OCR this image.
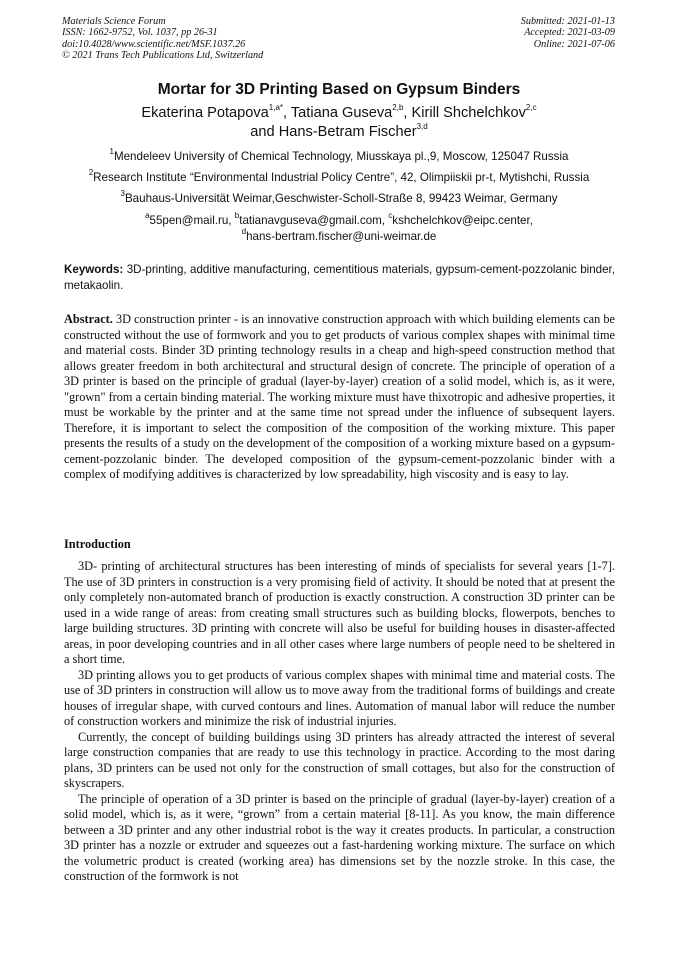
Materials Science Forum
ISSN: 1662-9752, Vol. 1037, pp 26-31
doi:10.4028/www.scientific.net/MSF.1037.26
© 2021 Trans Tech Publications Ltd, Switzerland
Submitted: 2021-01-13
Accepted: 2021-03-09
Online: 2021-07-06
Mortar for 3D Printing Based on Gypsum Binders
Ekaterina Potapova$^{1,a*}$, Tatiana Guseva$^{2,b}$, Kirill Shchelchkov$^{2,c}$
and Hans-Betram Fischer$^{3,d}$
$^1$Mendeleev University of Chemical Technology, Miusskaya pl.,9, Moscow, 125047 Russia
$^2$Research Institute “Environmental Industrial Policy Centre”, 42, Olimpiiskii pr-t, Mytishchi, Russia
$^3$Bauhaus-Universität Weimar,Geschwister-Scholl-Straße 8, 99423 Weimar, Germany
$^a$55pen@mail.ru, $^b$tatianavguseva@gmail.com, $^c$kshchelchkov@eipc.center,
$^d$hans-bertram.fischer@uni-weimar.de
Keywords: 3D-printing, additive manufacturing, cementitious materials, gypsum-cement-pozzolanic binder, metakaolin.
Abstract. 3D construction printer - is an innovative construction approach with which building elements can be constructed without the use of formwork and you to get products of various complex shapes with minimal time and material costs. Binder 3D printing technology results in a cheap and high-speed construction method that allows greater freedom in both architectural and structural design of concrete. The principle of operation of a 3D printer is based on the principle of gradual (layer-by-layer) creation of a solid model, which is, as it were, "grown" from a certain binding material. The working mixture must have thixotropic and adhesive properties, it must be workable by the printer and at the same time not spread under the influence of subsequent layers. Therefore, it is important to select the composition of the composition of the working mixture. This paper presents the results of a study on the development of the composition of a working mixture based on a gypsum-cement-pozzolanic binder. The developed composition of the gypsum-cement-pozzolanic binder with a complex of modifying additives is characterized by low spreadability, high viscosity and is easy to lay.
Introduction

3D- printing of architectural structures has been interesting of minds of specialists for several years [1-7]. The use of 3D printers in construction is a very promising field of activity. It should be noted that at present the only completely non-automated branch of production is exactly construction. A construction 3D printer can be used in a wide range of areas: from creating small structures such as building blocks, flowerpots, benches to large building structures. 3D printing with concrete will also be useful for building houses in disaster-affected areas, in poor developing countries and in all other cases where large numbers of people need to be sheltered in a short time.

3D printing allows you to get products of various complex shapes with minimal time and material costs. The use of 3D printers in construction will allow us to move away from the traditional forms of buildings and create houses of irregular shape, with curved contours and lines. Automation of manual labor will reduce the number of construction workers and minimize the risk of industrial injuries.

Currently, the concept of building buildings using 3D printers has already attracted the interest of several large construction companies that are ready to use this technology in practice. According to the most daring plans, 3D printers can be used not only for the construction of small cottages, but also for the construction of skyscrapers.

The principle of operation of a 3D printer is based on the principle of gradual (layer-by-layer) creation of a solid model, which is, as it were, “grown” from a certain material [8-11]. As you know, the main difference between a 3D printer and any other industrial robot is the way it creates products. In particular, a construction 3D printer has a nozzle or extruder and squeezes out a fast-hardening working mixture. The surface on which the volumetric product is created (working area) has dimensions set by the nozzle stroke. In this case, the construction of the formwork is not
